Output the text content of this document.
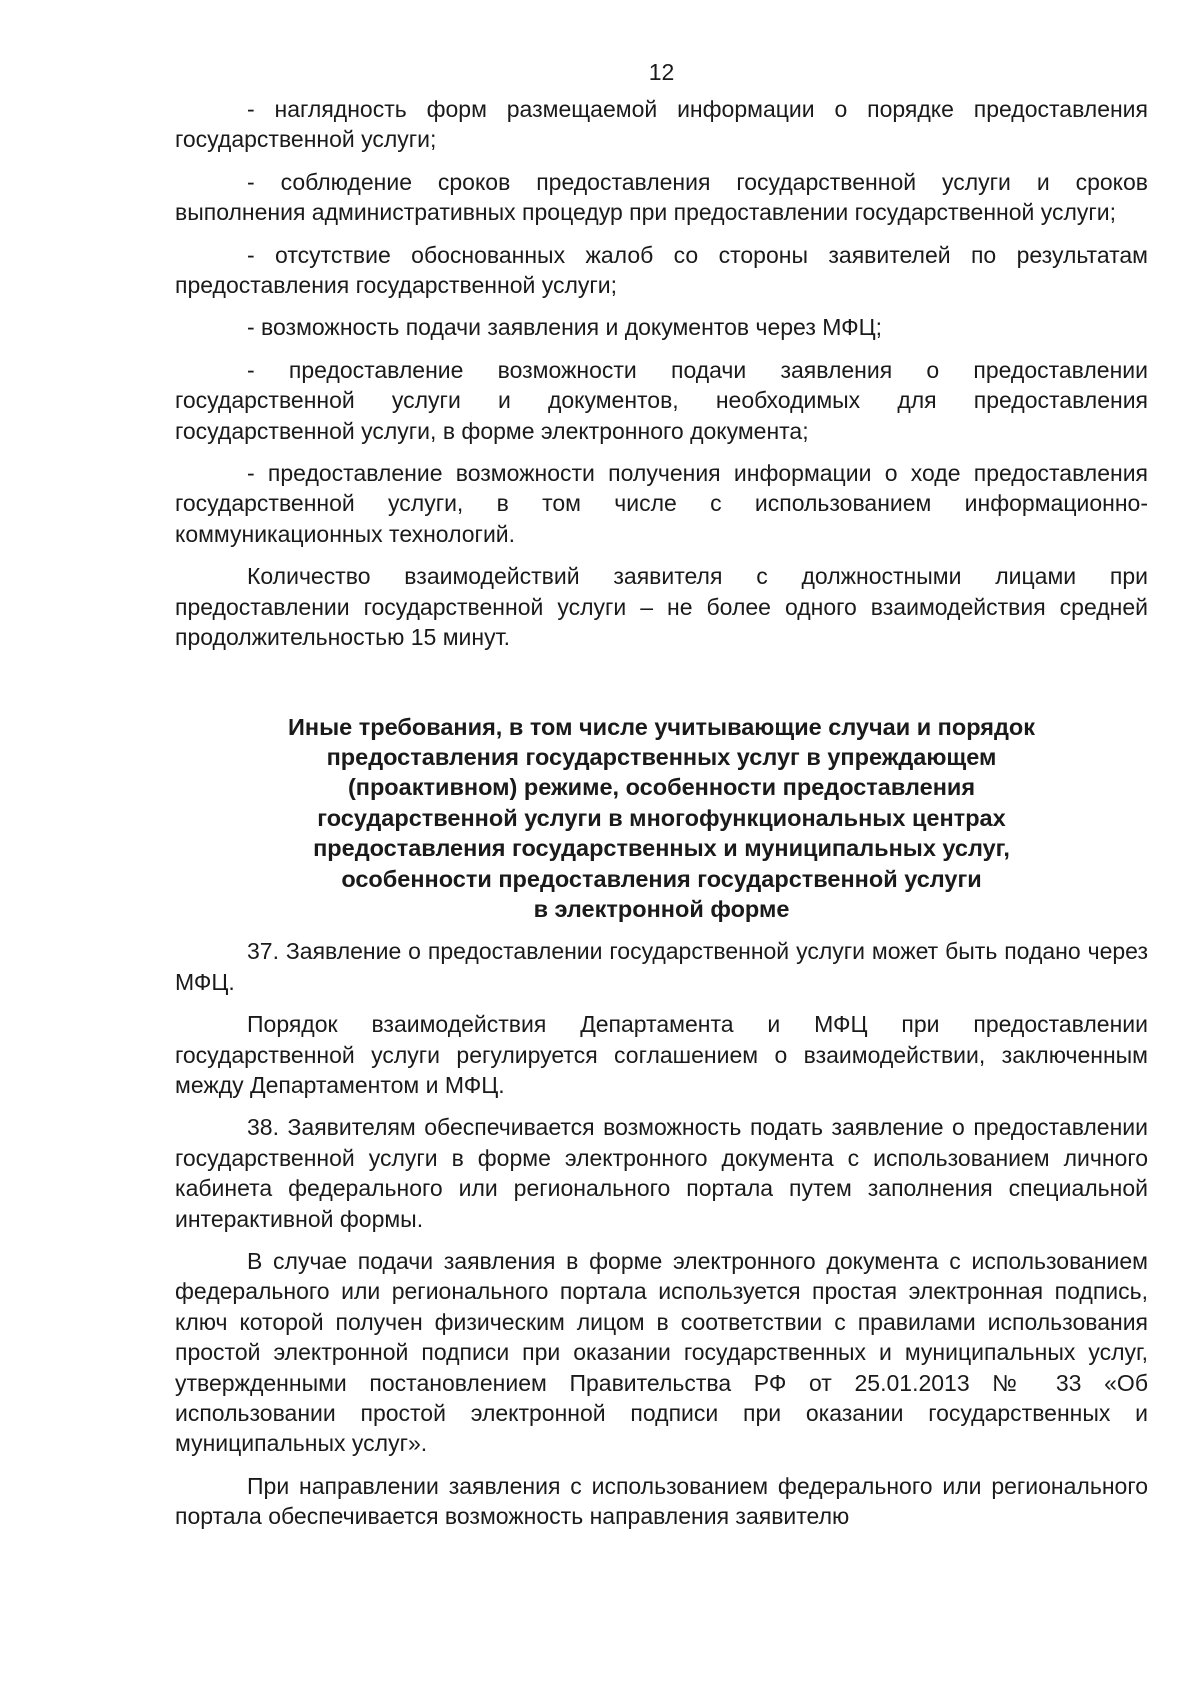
12

- наглядность форм размещаемой информации о порядке предоставления государственной услуги;

- соблюдение сроков предоставления государственной услуги и сроков выполнения административных процедур при предоставлении государственной услуги;

- отсутствие обоснованных жалоб со стороны заявителей по результатам предоставления государственной услуги;

- возможность подачи заявления и документов через МФЦ;

- предоставление возможности подачи заявления о предоставлении государственной услуги и документов, необходимых для предоставления государственной услуги, в форме электронного документа;

- предоставление возможности получения информации о ходе предоставления государственной услуги, в том числе с использованием информационно-коммуникационных технологий.

Количество взаимодействий заявителя с должностными лицами при предоставлении государственной услуги – не более одного взаимодействия средней продолжительностью 15 минут.

Иные требования, в том числе учитывающие случаи и порядок
предоставления государственных услуг в упреждающем
(проактивном) режиме, особенности предоставления
государственной услуги в многофункциональных центрах
предоставления государственных и муниципальных услуг,
особенности предоставления государственной услуги
в электронной форме

37. Заявление о предоставлении государственной услуги может быть подано через МФЦ.

Порядок взаимодействия Департамента и МФЦ при предоставлении государственной услуги регулируется соглашением о взаимодействии, заключенным между Департаментом и МФЦ.

38. Заявителям обеспечивается возможность подать заявление о предоставлении государственной услуги в форме электронного документа с использованием личного кабинета федерального или регионального портала путем заполнения специальной интерактивной формы.

В случае подачи заявления в форме электронного документа с использованием федерального или регионального портала используется простая электронная подпись, ключ которой получен физическим лицом в соответствии с правилами использования простой электронной подписи при оказании государственных и муниципальных услуг, утвержденными постановлением Правительства РФ от 25.01.2013 № 33 «Об использовании простой электронной подписи при оказании государственных и муниципальных услуг».

При направлении заявления с использованием федерального или регионального портала обеспечивается возможность направления заявителю
